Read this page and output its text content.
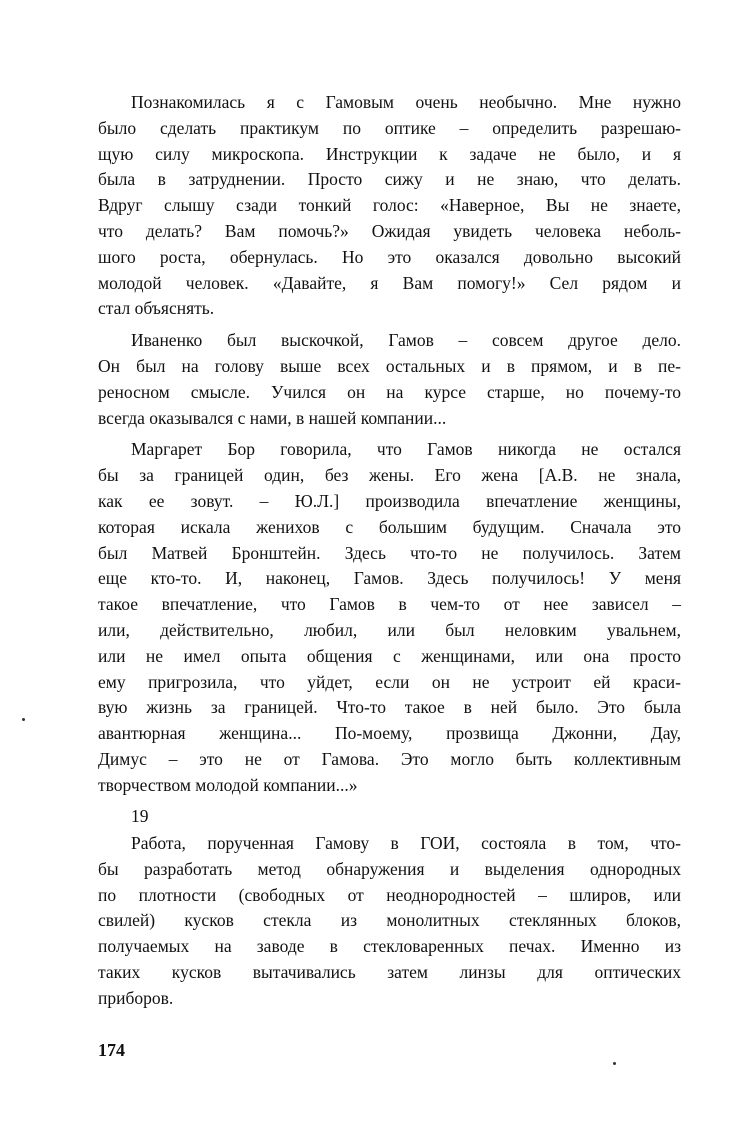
Познакомилась я с Гамовым очень необычно. Мне нужно
было сделать практикум по оптике – определить разрешаю-
щую силу микроскопа. Инструкции к задаче не было, и я
была в затруднении. Просто сижу и не знаю, что делать.
Вдруг слышу сзади тонкий голос: «Наверное, Вы не знаете,
что делать? Вам помочь?» Ожидая увидеть человека неболь-
шого роста, обернулась. Но это оказался довольно высокий
молодой человек. «Давайте, я Вам помогу!» Сел рядом и
стал объяснять.

Иваненко был выскочкой, Гамов – совсем другое дело.
Он был на голову выше всех остальных и в прямом, и в пе-
реносном смысле. Учился он на курсе старше, но почему-то
всегда оказывался с нами, в нашей компании...

Маргарет Бор говорила, что Гамов никогда не остался
бы за границей один, без жены. Его жена [А.В. не знала,
как ее зовут. – Ю.Л.] производила впечатление женщины,
которая искала женихов с большим будущим. Сначала это
был Матвей Бронштейн. Здесь что-то не получилось. Затем
еще кто-то. И, наконец, Гамов. Здесь получилось! У меня
такое впечатление, что Гамов в чем-то от нее зависел –
или, действительно, любил, или был неловким увальнем,
или не имел опыта общения с женщинами, или она просто
ему пригрозила, что уйдет, если он не устроит ей краси-
вую жизнь за границей. Что-то такое в ней было. Это была
авантюрная женщина... По-моему, прозвища Джонни, Дау,
Димус – это не от Гамова. Это могло быть коллективным
творчеством молодой компании...»

19
Работа, порученная Гамову в ГОИ, состояла в том, что-
бы разработать метод обнаружения и выделения однородных
по плотности (свободных от неоднородностей – шлиров, или
свилей) кусков стекла из монолитных стеклянных блоков,
получаемых на заводе в стекловаренных печах. Именно из
таких кусков вытачивались затем линзы для оптических
приборов.
174
